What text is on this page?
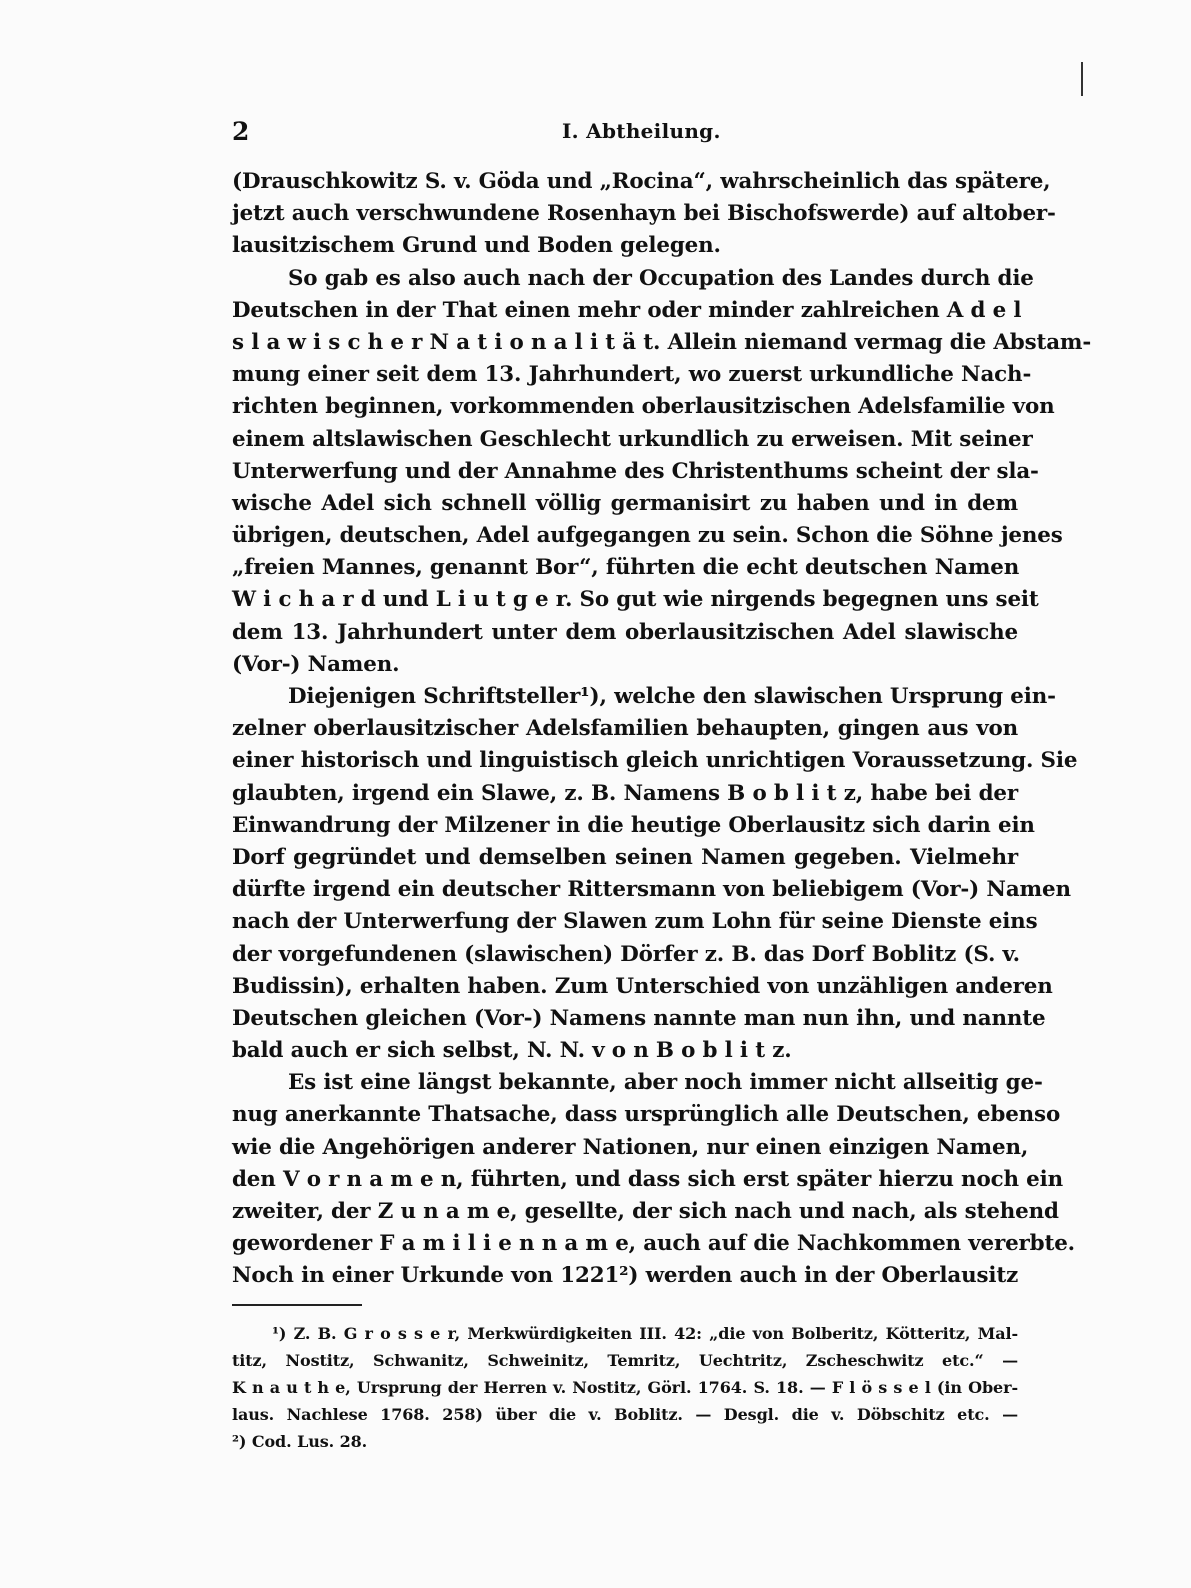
2	I. Abtheilung.
(Drauschkowitz S. v. Göda und „Rocina“, wahrscheinlich das spätere,
jetzt auch verschwundene Rosenhayn bei Bischofswerde) auf altober-
lausitzischem Grund und Boden gelegen.
So gab es also auch nach der Occupation des Landes durch die
Deutschen in der That einen mehr oder minder zahlreichen A d e l
s l a w i s c h e r N a t i o n a l i t ä t. Allein niemand vermag die Abstam-
mung einer seit dem 13. Jahrhundert, wo zuerst urkundliche Nach-
richten beginnen, vorkommenden oberlausitzischen Adelsfamilie von
einem altslawischen Geschlecht urkundlich zu erweisen. Mit seiner
Unterwerfung und der Annahme des Christenthums scheint der sla-
wische Adel sich schnell völlig germanisirt zu haben und in dem
übrigen, deutschen, Adel aufgegangen zu sein. Schon die Söhne jenes
„freien Mannes, genannt Bor“, führten die echt deutschen Namen
W i c h a r d und L i u t g e r. So gut wie nirgends begegnen uns seit
dem 13. Jahrhundert unter dem oberlausitzischen Adel slawische
(Vor-) Namen.
Diejenigen Schriftsteller¹), welche den slawischen Ursprung ein-
zelner oberlausitzischer Adelsfamilien behaupten, gingen aus von
einer historisch und linguistisch gleich unrichtigen Voraussetzung. Sie
glaubten, irgend ein Slawe, z. B. Namens B o b l i t z, habe bei der
Einwandrung der Milzener in die heutige Oberlausitz sich darin ein
Dorf gegründet und demselben seinen Namen gegeben. Vielmehr
dürfte irgend ein deutscher Rittersmann von beliebigem (Vor-) Namen
nach der Unterwerfung der Slawen zum Lohn für seine Dienste eins
der vorgefundenen (slawischen) Dörfer z. B. das Dorf Boblitz (S. v.
Budissin), erhalten haben. Zum Unterschied von unzähligen anderen
Deutschen gleichen (Vor-) Namens nannte man nun ihn, und nannte
bald auch er sich selbst, N. N. v o n B o b l i t z.
Es ist eine längst bekannte, aber noch immer nicht allseitig ge-
nug anerkannte Thatsache, dass ursprünglich alle Deutschen, ebenso
wie die Angehörigen anderer Nationen, nur einen einzigen Namen,
den V o r n a m e n, führten, und dass sich erst später hierzu noch ein
zweiter, der Z u n a m e, gesellte, der sich nach und nach, als stehend
gewordener F a m i l i e n n a m e, auch auf die Nachkommen vererbte.
Noch in einer Urkunde von 1221²) werden auch in der Oberlausitz
¹) Z. B. G r o s s e r, Merkwürdigkeiten III. 42: „die von Bolberitz, Kötteritz, Mal-
titz, Nostitz, Schwanitz, Schweinitz, Temritz, Uechtritz, Zscheschwitz etc.“ —
K n a u t h e, Ursprung der Herren v. Nostitz, Görl. 1764. S. 18. — F l ö s s e l (in Ober-
laus. Nachlese 1768. 258) über die v. Boblitz. — Desgl. die v. Döbschitz etc. —
²) Cod. Lus. 28.
